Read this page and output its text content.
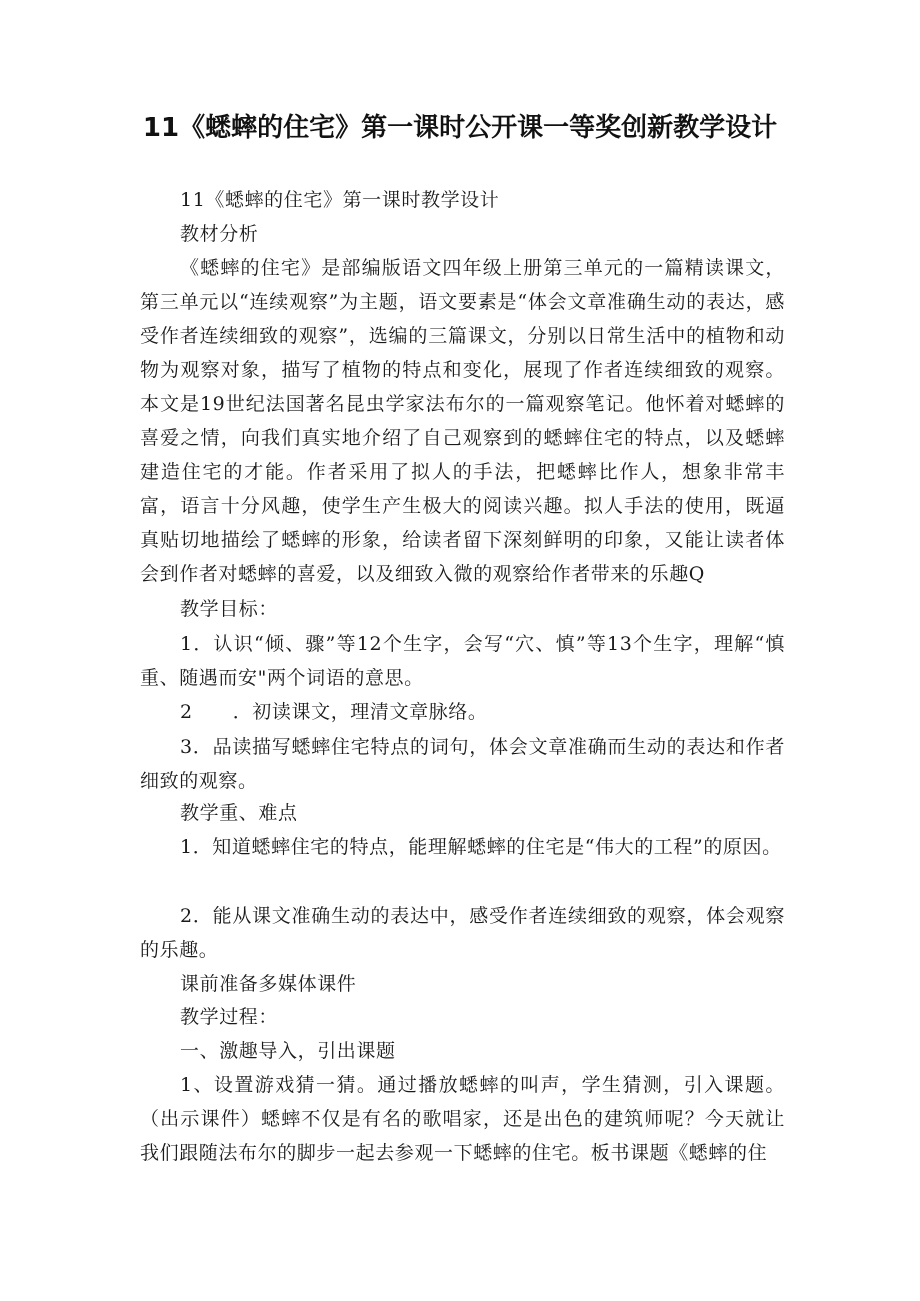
11《蟋蟀的住宅》第一课时公开课一等奖创新教学设计

11《蟋蟀的住宅》第一课时教学设计

教材分析

《蟋蟀的住宅》是部编版语文四年级上册第三单元的一篇精读课文，第三单元以“连续观察”为主题，语文要素是“体会文章准确生动的表达，感受作者连续细致的观察”，选编的三篇课文，分别以日常生活中的植物和动物为观察对象，描写了植物的特点和变化，展现了作者连续细致的观察。本文是19世纪法国著名昆虫学家法布尔的一篇观察笔记。他怀着对蟋蟀的喜爱之情，向我们真实地介绍了自己观察到的蟋蟀住宅的特点，以及蟋蟀建造住宅的才能。作者采用了拟人的手法，把蟋蟀比作人，想象非常丰富，语言十分风趣，使学生产生极大的阅读兴趣。拟人手法的使用，既逼真贴切地描绘了蟋蟀的形象，给读者留下深刻鲜明的印象，又能让读者体会到作者对蟋蟀的喜爱，以及细致入微的观察给作者带来的乐趣Q

教学目标：

1．认识“倾、骤”等12个生字，会写“穴、慎”等13个生字，理解“慎重、随遇而安"两个词语的意思。

2 ．初读课文，理清文章脉络。

3．品读描写蟋蟀住宅特点的词句，体会文章准确而生动的表达和作者细致的观察。

教学重、难点

1．知道蟋蟀住宅的特点，能理解蟋蟀的住宅是“伟大的工程”的原因。

2．能从课文准确生动的表达中，感受作者连续细致的观察，体会观察的乐趣。

课前准备多媒体课件

教学过程：

一、激趣导入，引出课题

1、设置游戏猜一猜。通过播放蟋蟀的叫声，学生猜测，引入课题。（出示课件）蟋蟀不仅是有名的歌唱家，还是出色的建筑师呢？今天就让我们跟随法布尔的脚步一起去参观一下蟋蟀的住宅。板书课题《蟋蟀的住
